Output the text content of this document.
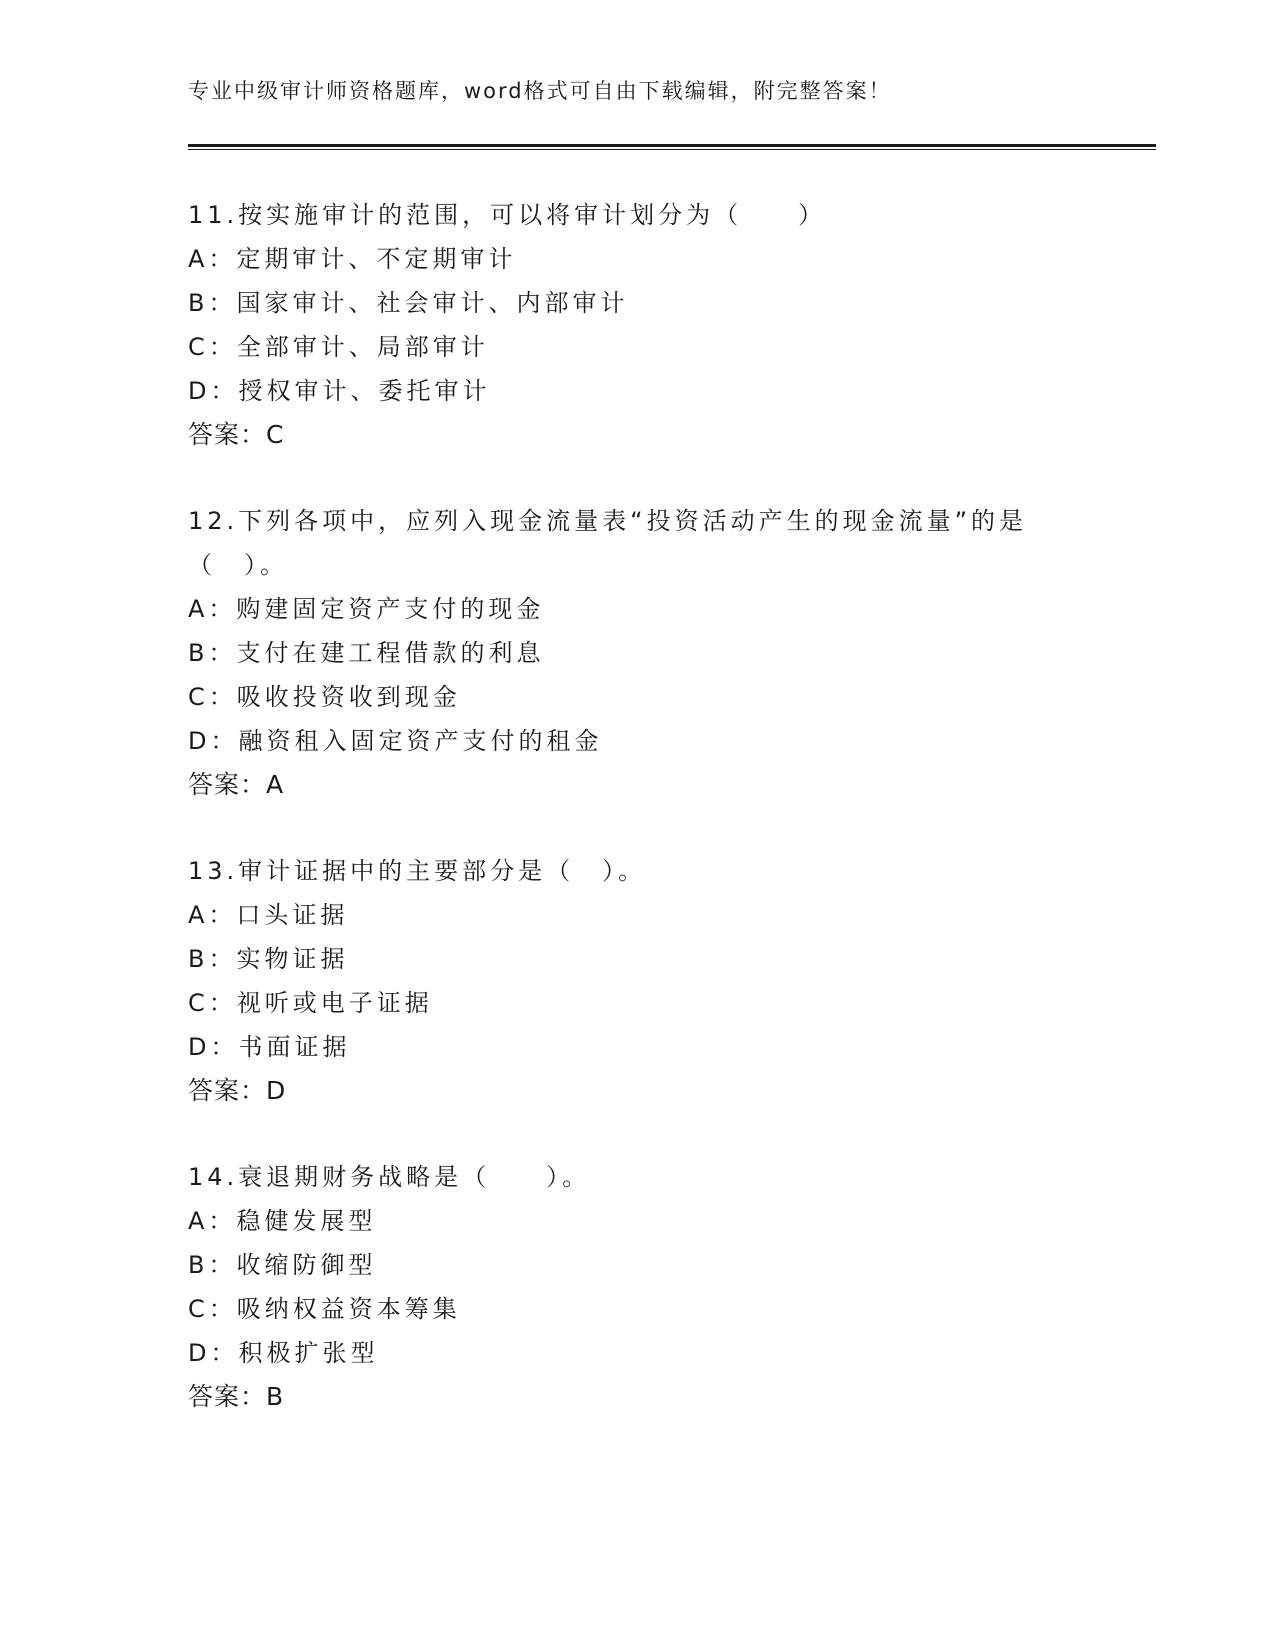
专业中级审计师资格题库，word格式可自由下载编辑，附完整答案！
11.按实施审计的范围，可以将审计划分为（　　）
A：定期审计、不定期审计
B：国家审计、社会审计、内部审计
C：全部审计、局部审计
D：授权审计、委托审计
答案：C
12.下列各项中，应列入现金流量表“投资活动产生的现金流量”的是
（　）。
A：购建固定资产支付的现金
B：支付在建工程借款的利息
C：吸收投资收到现金
D：融资租入固定资产支付的租金
答案：A
13.审计证据中的主要部分是（　）。
A：口头证据
B：实物证据
C：视听或电子证据
D：书面证据
答案：D
14.衰退期财务战略是（　　）。
A：稳健发展型
B：收缩防御型
C：吸纳权益资本筹集
D：积极扩张型
答案：B
